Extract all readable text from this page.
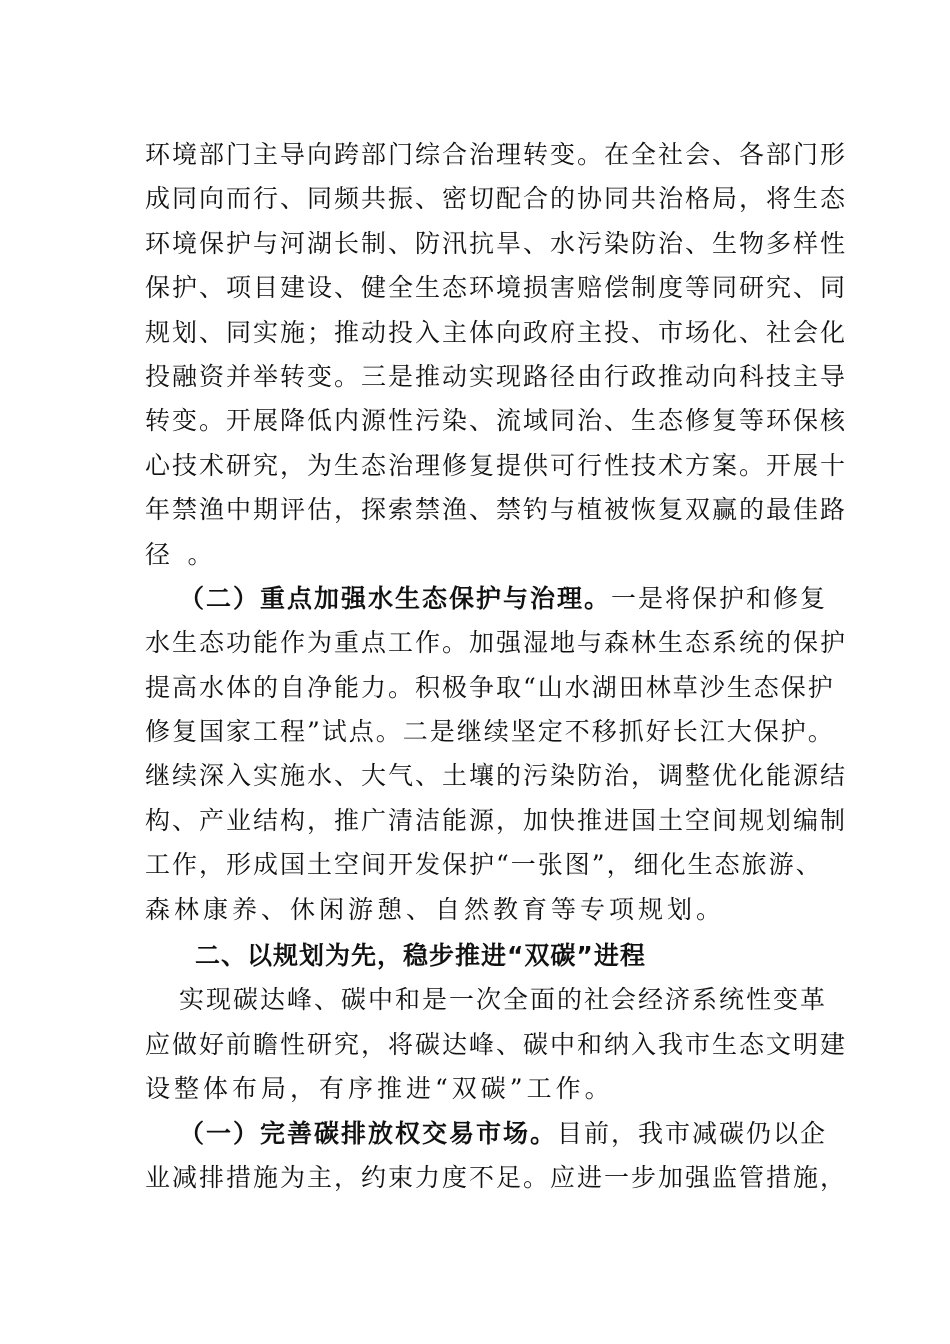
环境部门主导向跨部门综合治理转变。在全社会、各部门形
成同向而行、同频共振、密切配合的协同共治格局，将生态
环境保护与河湖长制、防汛抗旱、水污染防治、生物多样性
保护、项目建设、健全生态环境损害赔偿制度等同研究、同
规划、同实施；推动投入主体向政府主投、市场化、社会化
投融资并举转变。三是推动实现路径由行政推动向科技主导
转变。开展降低内源性污染、流域同治、生态修复等环保核
心技术研究，为生态治理修复提供可行性技术方案。开展十
年禁渔中期评估，探索禁渔、禁钓与植被恢复双赢的最佳路
径。
（二）重点加强水生态保护与治理。一是将保护和修复
水生态功能作为重点工作。加强湿地与森林生态系统的保护
提高水体的自净能力。积极争取“山水湖田林草沙生态保护
修复国家工程”试点。二是继续坚定不移抓好长江大保护。
继续深入实施水、大气、土壤的污染防治，调整优化能源结
构、产业结构，推广清洁能源，加快推进国土空间规划编制
工作，形成国土空间开发保护“一张图”，细化生态旅游、
森林康养、休闲游憩、自然教育等专项规划。
二、以规划为先，稳步推进“双碳”进程
实现碳达峰、碳中和是一次全面的社会经济系统性变革
应做好前瞻性研究，将碳达峰、碳中和纳入我市生态文明建
设整体布局，有序推进“双碳”工作。
（一）完善碳排放权交易市场。目前，我市减碳仍以企
业减排措施为主，约束力度不足。应进一步加强监管措施，
